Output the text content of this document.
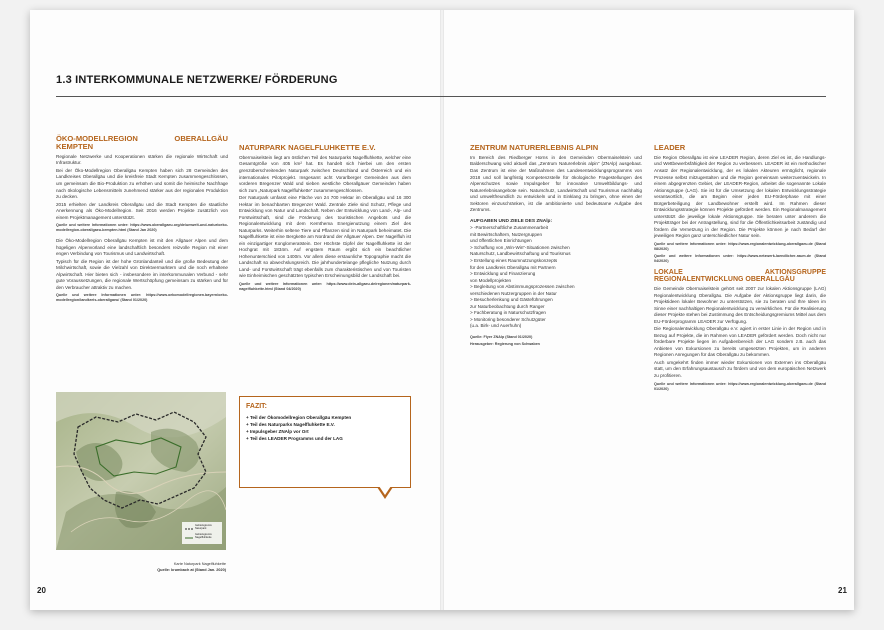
20	21
1.3 INTERKOMMUNALE NETZWERKE/ FÖRDERUNG
ÖKO-MODELLREGION OBERALLGÄU KEMPTEN

Regionale Netzwerke und Kooperationen stärken die regionale Wirtschaft und Infrastruktur.

Bei der Öko-Modellregion Oberallgäu Kempten haben sich 28 Gemeinden des Landkreises Oberallgäu und die kreisfreie Stadt Kempten zusammengeschlossen, um gemeinsam die Bio-Produktion zu erhöhen und somit die heimische Nachfrage nach ökologische Lebensmitteln zunehmend stärker aus der regionalen Produktion zu decken.

2015 erhielten der Landkreis Oberallgäu und die Stadt Kempten die staatliche Anerkennung als Öko-Modellregion. Seit 2016 werden Projekte zusätzlich von einem Projektmanagement unterstützt.

Quelle und weitere Informationen unter: https://www.oberallgaeu.org/de/umwelt-und-natur/oeko-modellregion-oberallgaeu-kempten.html (Stand Jan 2020)

Die Öko-Modellregion Oberallgäu Kempten ist mit den Allgäuer Alpen und dem hügeligen Alpenvorland eine landschaftlich besonders reizvolle Region mit einer engen Verbindung von Tourismus und Landwirtschaft.

Typisch für die Region ist der hohe Grünlandanteil und die große Bedeutung der Milchwirtschaft, sowie die Vielzahl von Direktvermarktern und die noch erhaltene Alpwirtschaft. Hier bieten sich - insbesondere im interkommunalen Verbund - sehr gute Voraussetzungen, die regionale Wertschöpfung gemeinsam zu stärken und für den Verbraucher attraktiv zu machen.

Quelle und weitere Informationen unter: https://www.oekomodellregionen.bayern/oeko-modellregion/landkreis-oberallgaeu/ (Stand 01/2020)
Gebietsgrenze Naturpark
Gebietsgrenze Nagelfluhkette
Karte Naturpark Nagelfluhkette
Quelle: krumbach at (Stand Jan. 2020)
NATURPARK NAGELFLUHKETTE E.V.

Obermaiselstein liegt am östlichen Teil des Naturparks Nagelfluhkette, welcher eine Gesamtgröße von 405 km² hat. Es handelt sich hierbei um den ersten grenzüberschreitenden Naturpark zwischen Deutschland und Österreich und ein internationales Pilotprojekt. Insgesamt acht Vorarlberger Gemeinden aus dem vorderen Bregenzer Wald und sieben westliche Oberallgäuer Gemeinden haben sich zum „Naturpark Nagelfluhkette“ zusammengeschlossen.

Der Naturpark umfasst eine Fläche von 24 700 Hektar im Oberallgäu und 16 300 Hektar im benachbarten Bregenzer Wald. Zentrale Ziele sind Schutz, Pflege und Entwicklung von Natur und Landschaft. Neben der Entwicklung von Land-, Alp- und Forstwirtschaft, sind die Förderung des touristischen Angebots und die Regionalentwicklung mit dem Kernthema Energienutzung einem Ziel des Naturparks. Weiterhin seltene Tiere und Pflanzen sind im Naturpark beheimatet. Die Nagelfluhkette ist eine Bergkette am Nordrand der Allgäuer Alpen. Der Nagelfluh ist ein einzigartiger Konglomeratstein. Der Höchste Gipfel der Nagelfluhkette ist der Hochgrat mit 1834m. Auf engstem Raum ergibt sich ein beachtlicher Höhenunterschied von 1400m. Vor allem diese erstaunliche Topographie macht die Landschaft so abwechslungsreich. Die jahrhundertelange pflegliche Nutzung durch Land- und Forstwirtschaft trägt ebenfalls zum charakteristischen und von Touristen wie Einheimischen geschätzten typischen Erscheinungsbild der Landschaft bei.

Quelle und weitere Informationen unter: https://www.dein-allgaeu.de/regionen/naturpark-nagelfluhkette.html (Stand 04/2020)
FAZIT:
+ Teil der Ökomodellregion Oberallgäu Kempten
+ Teil des Naturparks Nagelfluhkette E.V.
+ Impulsgeber ZNAlp vor Ort
+ Teil des LEADER Programms und der LAG
ZENTRUM NATURERLEBNIS ALPIN

Im Bereich des Riedberger Horns in den Gemeinden Obermaiselstein und Balderschwang wird aktuell das „Zentrum Naturerlebnis alpin“ (ZNAlp) ausgebaut. Das Zentrum ist eine der Maßnahmen des Landesentwicklungsprogramms von 2018 und soll langfristig Kompetenzstelle für ökologische Fragestellungen des Alpenschutzes sowie Impulsgeber für innovative Umweltbildungs- und Naturerlebnisangebote sein. Naturschutz, Landwirtschaft und Tourismus nachhaltig und umweltfreundlich zu entwickeln und in Einklang zu bringen, ohne einen der Sektoren einzuschränken, ist die ambitionierte und bedeutsame Aufgabe des Zentrums.

AUFGABEN UND ZIELE DES ZNAlp:
> -Partnerschaftliche Zusammenarbeit
mit Bewirtschaftern, Nutzergruppen
und öffentlichen Einrichtungen
> Schaffung von „Win-Win“-Situationen zwischen
Naturschutz, Landbewirtschaftung und Tourismus
> Erstellung eines Raumnutzungskonzepts
für den Landkreis Oberallgäu mit Partnern
> Entwicklung und Finanzierung
von Modellprojekten
> Begleitung von Abstimmungsprozessen zwischen
verschiedenen Nutzergruppen in der Natur
> Besucherlenkung und Gästeführungen
zur Naturbeobachtung durch Ranger
> Fachberatung in Naturschutzfragen
> Monitoring besonderer Schutzgüter
(u.a. Birk- und Auerhuhn)
Quelle: Flyer ZNAlp (Stand 01/2020)
Herausgeber: Regierung von Schwaben
LEADER

Die Region Oberallgäu ist eine LEADER Region, deren Ziel es ist, die Handlungs- und Wettbewerbsfähigkeit der Region zu verbessern. LEADER ist ein methodischer Ansatz der Regionalentwicklung, der es lokalen Akteuren ermöglicht, regionale Prozesse selbst mitzugestalten und die Region gemeinsam weiterzuentwickeln. In einem abgegrenzten Gebiet, der LEADER-Region, arbeitet die sogenannte Lokale Aktionsgruppe (LAG). Sie ist für die Umsetzung der lokalen Entwicklungsstrategie verantwortlich, die am Beginn einer jeden EU-Förderphase mit einer Bürgerbeteiligung der Landbewohner erstellt wird. Im Rahmen dieser Entwicklungsstrategie können Projekte gefördert werden. Ein Regionalmanagement unterstützt die jeweilige lokale Aktionsgruppe. Sie beraten unter anderem die Projektträger bei der Antragstellung, sind für die Öffentlichkeitsarbeit zuständig und fördern die Vernetzung in der Region. Die Projekte können je nach Bedarf der jeweiligen Region ganz unterschiedlicher Natur sein.

Quelle und weitere Informationen unter: https://www.regionalentwicklung-oberallgaeu.de (Stand 08/2020)
Quelle und weitere Informationen unter: https://www.netzwerk-laendlicher-raum.de (Stand 04/2020)
LOKALE AKTIONSGRUPPE REGIONALENTWICKLUNG OBERALLGÄU

Die Gemeinde Obermaiselstein gehört seit 2007 zur lokalen Aktionsgruppe (LAG) Regionalentwicklung Oberallgäu. Die Aufgabe der Aktionsgruppe liegt darin, die Projektideen lokaler Bewohner zu unterstützen, sie zu beraten und Ihre Ideen im Sinne einer nachhaltigen Regionalentwicklung zu verwirklichen. Für die Realisierung dieser Projekte stehen bei Zustimmung des Entscheidungsgremiums Mittel aus dem EU-Förderprogramm LEADER zur Verfügung.

Die Regionalentwicklung Oberallgäu e.V. agiert in erster Linie in der Region und in Bezug auf Projekte, die im Rahmen von LEADER gefördert werden. Doch nicht nur förderbare Projekte liegen im Aufgabenbereich der LAG sondern z.B. auch das Anbieten von Exkursionen zu bereits umgesetzten Projekten, um in anderen Regionen Anregungen für das Oberallgäu zu bekommen.

Auch umgekehrt finden immer wieder Exkursionen von Externen ins Oberallgäu statt, um den Erfahrungsaustausch zu fördern und von dem europäischen Netzwerk zu profitieren.

Quelle und weitere Informationen unter: https://www.regionalentwicklung-oberallgaeu.de (Stand 01/2020)
